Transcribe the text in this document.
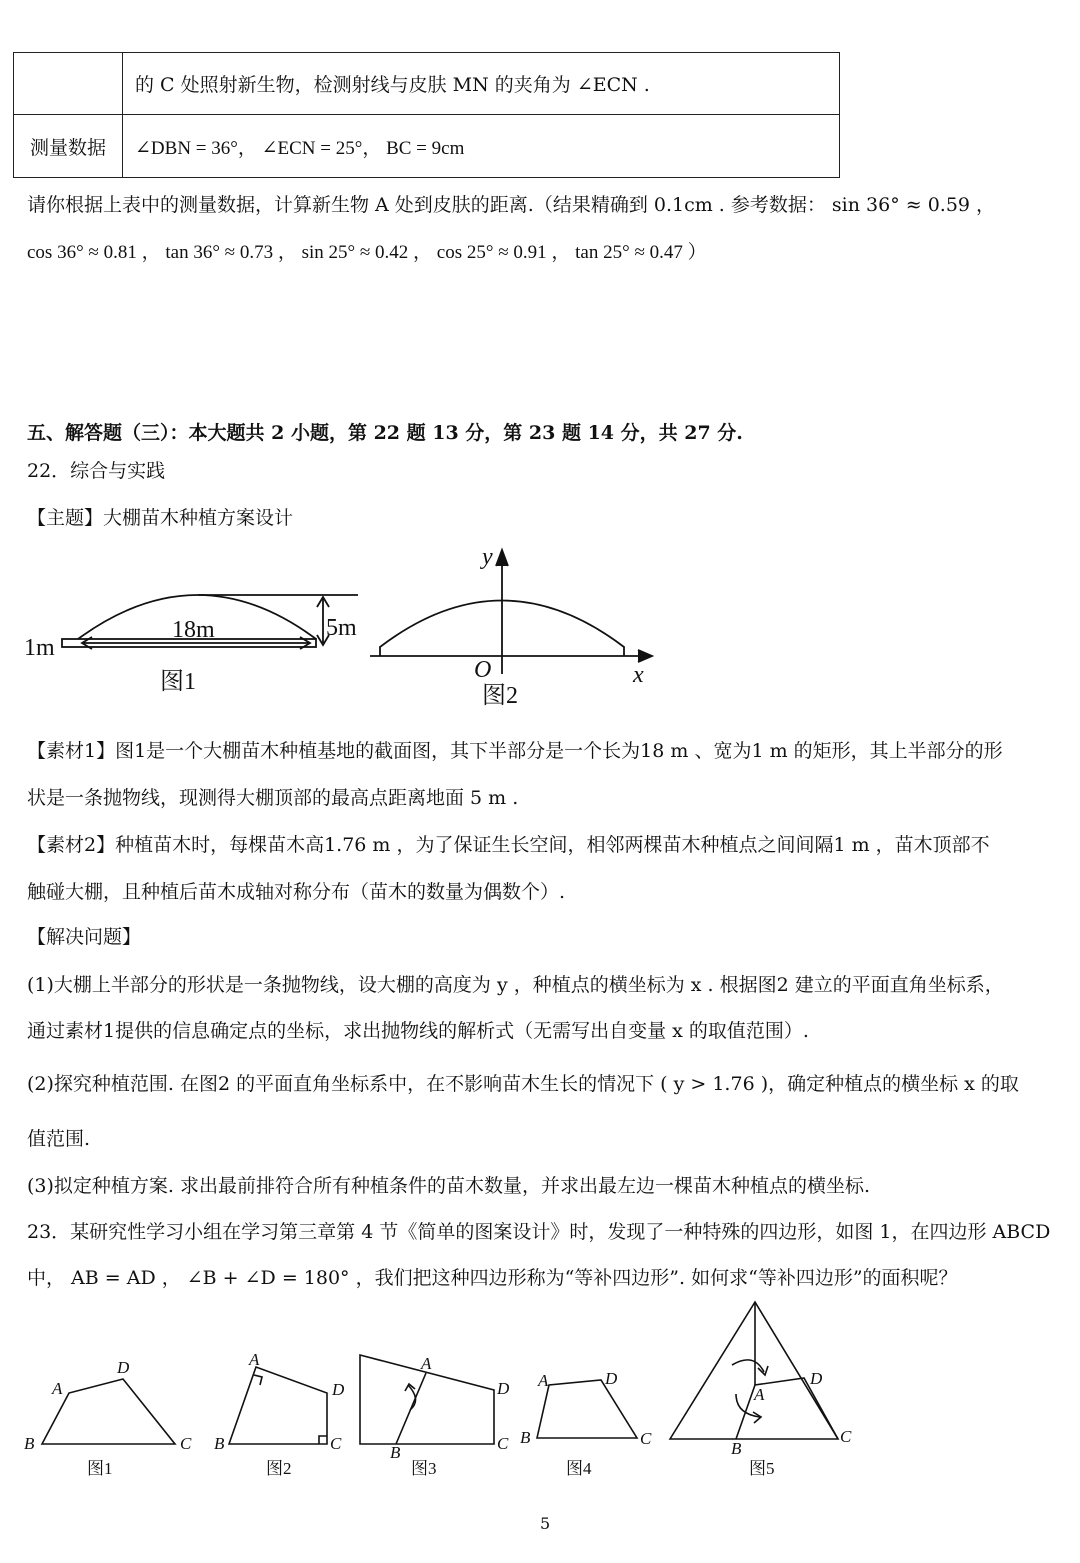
	的 C 处照射新生物，检测射线与皮肤 MN 的夹角为 ∠ECN .
测量数据	∠DBN = 36°， ∠ECN = 25°， BC = 9cm
请你根据上表中的测量数据，计算新生物 A 处到皮肤的距离.（结果精确到 0.1cm . 参考数据： sin 36° ≈ 0.59 ，
cos 36° ≈ 0.81 ， tan 36° ≈ 0.73 ， sin 25° ≈ 0.42 ， cos 25° ≈ 0.91 ， tan 25° ≈ 0.47 ）
五、解答题（三）：本大题共 2 小题，第 22 题 13 分，第 23 题 14 分，共 27 分.
22．综合与实践
【主题】大棚苗木种植方案设计
18m	5m
1m
图1
y
x
O
图2
【素材1】图1是一个大棚苗木种植基地的截面图，其下半部分是一个长为18 m 、宽为1 m 的矩形，其上半部分的形
状是一条抛物线，现测得大棚顶部的最高点距离地面 5 m .
【素材2】种植苗木时，每棵苗木高1.76 m ，为了保证生长空间，相邻两棵苗木种植点之间间隔1 m ，苗木顶部不
触碰大棚，且种植后苗木成轴对称分布（苗木的数量为偶数个）.
【解决问题】
(1)大棚上半部分的形状是一条抛物线，设大棚的高度为 y ，种植点的横坐标为 x . 根据图2 建立的平面直角坐标系，
通过素材1提供的信息确定点的坐标，求出抛物线的解析式（无需写出自变量 x 的取值范围）.
(2)探究种植范围. 在图2 的平面直角坐标系中，在不影响苗木生长的情况下 ( y > 1.76 )，确定种植点的横坐标 x 的取
值范围.
(3)拟定种植方案. 求出最前排符合所有种植条件的苗木数量，并求出最左边一棵苗木种植点的横坐标.
23．某研究性学习小组在学习第三章第 4 节《简单的图案设计》时，发现了一种特殊的四边形，如图 1，在四边形 ABCD
中， AB = AD ， ∠B + ∠D = 180° ，我们把这种四边形称为“等补四边形”. 如何求“等补四边形”的面积呢？
B
A
D
C B
A
D
C
A
D
C
B
B
A	D
C
A
D
C
B
图1	图2	图3	图4	图5
5
